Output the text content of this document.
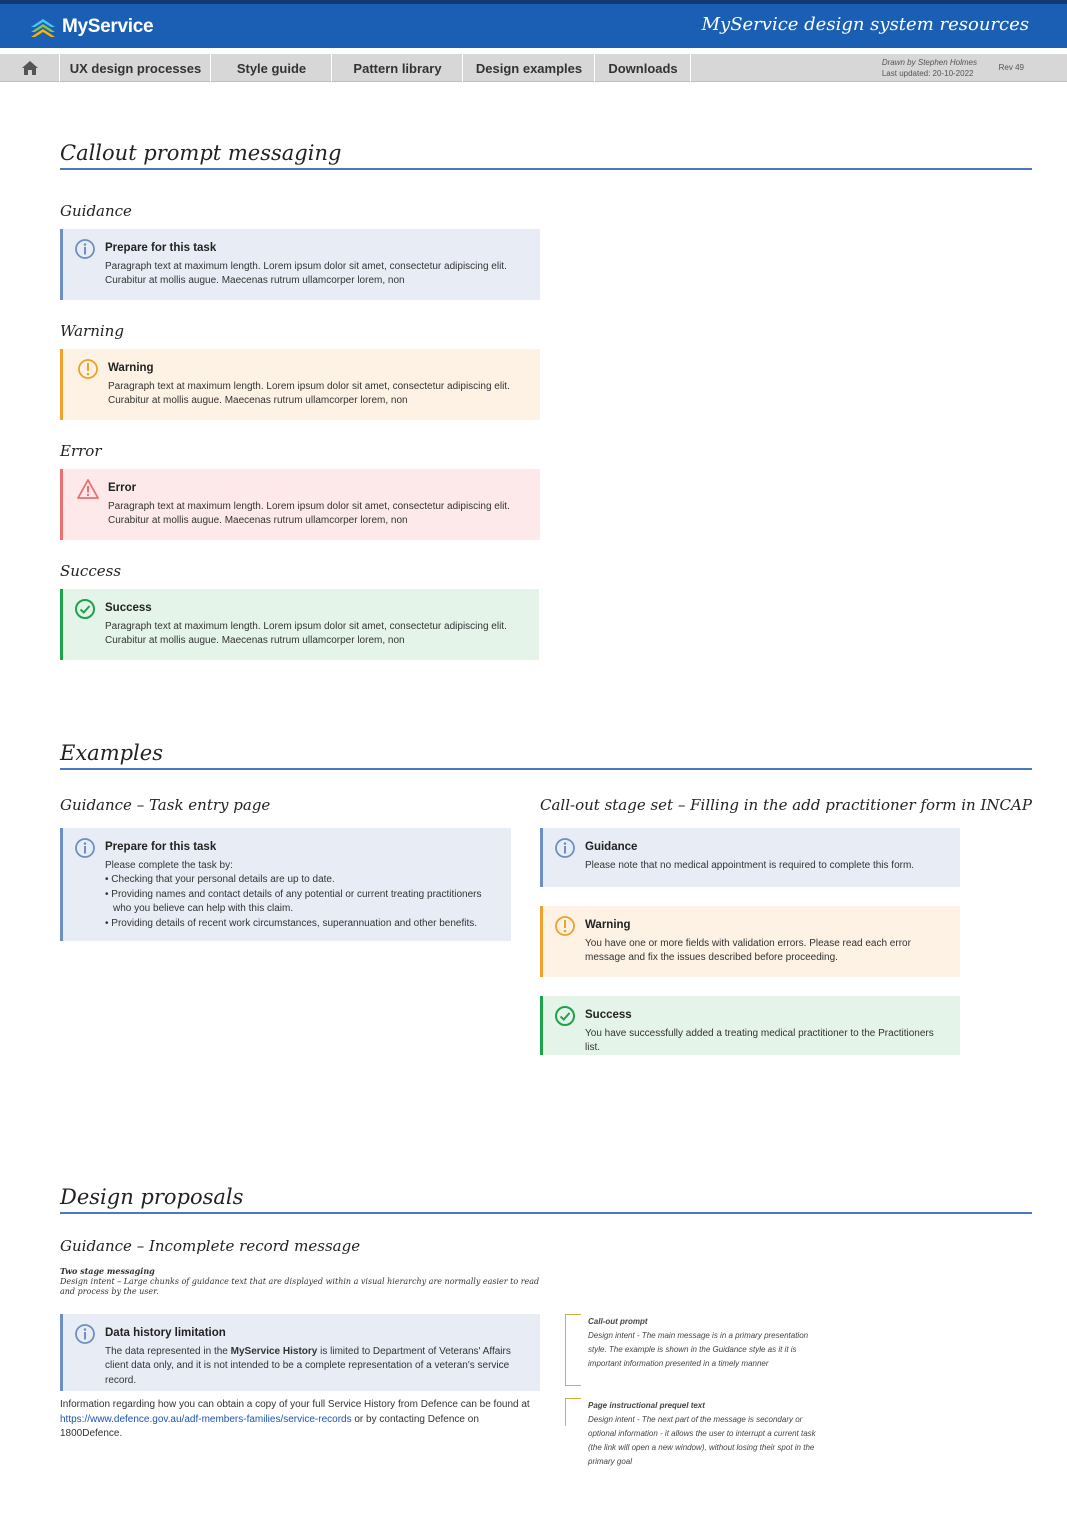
MyService	MyService design system resources
UX design processes	Style guide	Pattern library	Design examples	Downloads	Drawn by Stephen Holmes
Last updated: 20-10-2022
Rev 49
Callout prompt messaging
Guidance
Prepare for this task
Paragraph text at maximum length. Lorem ipsum dolor sit amet, consectetur adipiscing elit.
Curabitur at mollis augue. Maecenas rutrum ullamcorper lorem, non
Warning
Warning
Paragraph text at maximum length. Lorem ipsum dolor sit amet, consectetur adipiscing elit.
Curabitur at mollis augue. Maecenas rutrum ullamcorper lorem, non
Error
Error
Paragraph text at maximum length. Lorem ipsum dolor sit amet, consectetur adipiscing elit.
Curabitur at mollis augue. Maecenas rutrum ullamcorper lorem, non
Success
Success
Paragraph text at maximum length. Lorem ipsum dolor sit amet, consectetur adipiscing elit.
Curabitur at mollis augue. Maecenas rutrum ullamcorper lorem, non
Examples
Guidance – Task entry page
Prepare for this task
Please complete the task by:
• Checking that your personal details are up to date.
• Providing names and contact details of any potential or current treating practitioners who you believe can help with this claim.
• Providing details of recent work circumstances, superannuation and other benefits.
Call-out stage set – Filling in the add practitioner form in INCAP
Guidance
Please note that no medical appointment is required to complete this form.
Warning
You have one or more fields with validation errors. Please read each error message and fix the issues described before proceeding.
Success
You have successfully added a treating medical practitioner to the Practitioners list.
Design proposals
Guidance – Incomplete record message
Two stage messaging
Design intent – Large chunks of guidance text that are displayed within a visual hierarchy are normally easier to read and process by the user.
Data history limitation
The data represented in the MyService History is limited to Department of Veterans' Affairs client data only, and it is not intended to be a complete representation of a veteran's service record.
Information regarding how you can obtain a copy of your full Service History from Defence can be found at https://www.defence.gov.au/adf-members-families/service-records or by contacting Defence on 1800Defence.
Call-out prompt
Design intent - The main message is in a primary presentation style. The example is shown in the Guidance style as it it is important information presented in a timely manner
Page instructional prequel text
Design intent - The next part of the message is secondary or optional information - it allows the user to interrupt a current task (the link will open a new window), without losing their spot in the primary goal
